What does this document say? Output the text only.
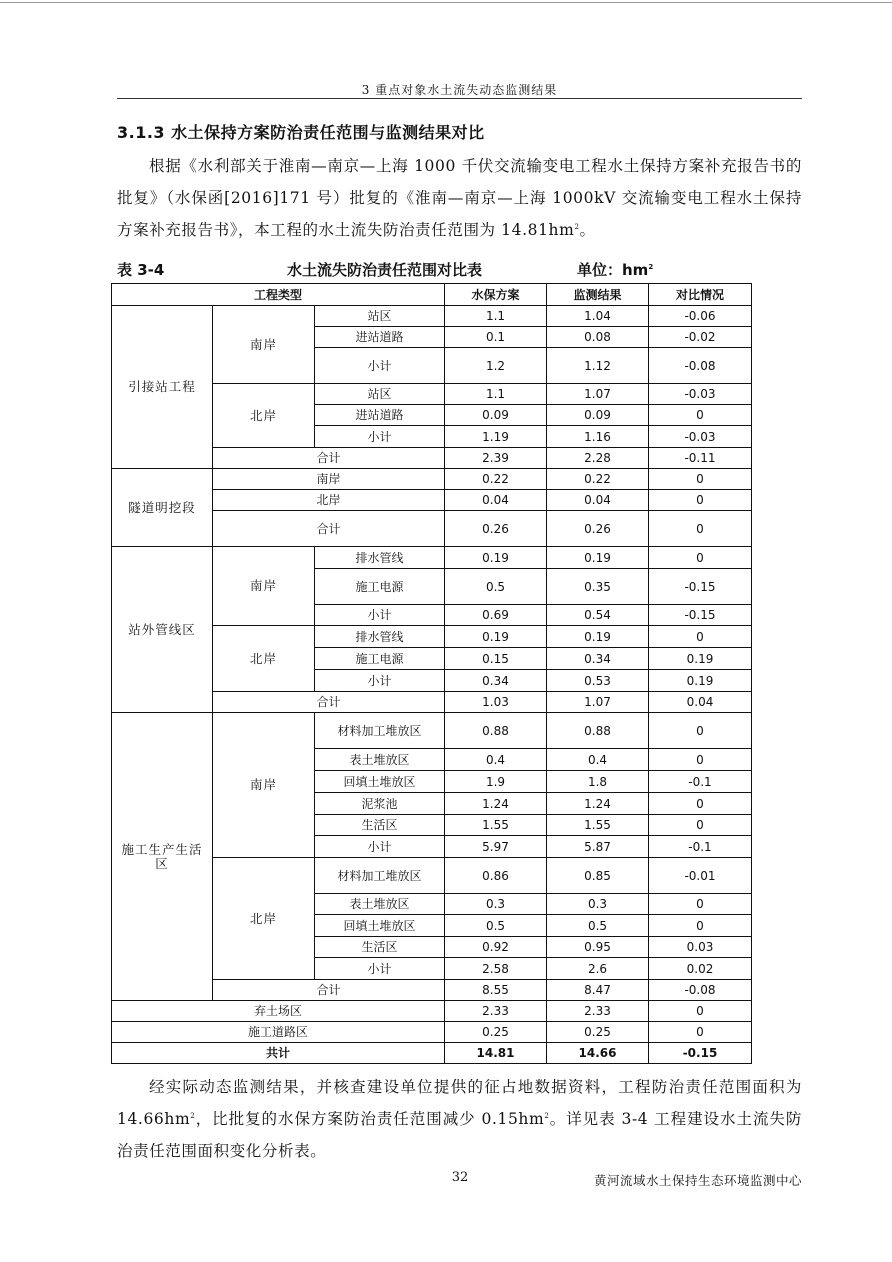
3 重点对象水土流失动态监测结果
3.1.3 水土保持方案防治责任范围与监测结果对比
根据《水利部关于淮南—南京—上海 1000 千伏交流输变电工程水土保持方案补充报告书的批复》（水保函[2016]171 号）批复的《淮南—南京—上海 1000kV 交流输变电工程水土保持方案补充报告书》，本工程的水土流失防治责任范围为 $14.81hm^2$。
表 3-4	水土流失防治责任范围对比表	单位：$hm^2$
工程类型			水保方案	监测结果	对比情况
引接站工程	南岸	站区	1.1	1.04	-0.06
		进站道路	0.1	0.08	-0.02
		小计	1.2	1.12	-0.08
	北岸	站区	1.1	1.07	-0.03
		进站道路	0.09	0.09	0
		小计	1.19	1.16	-0.03
	合计		2.39	2.28	-0.11
隧道明挖段	南岸		0.22	0.22	0
	北岸		0.04	0.04	0
	合计		0.26	0.26	0
站外管线区	南岸	排水管线	0.19	0.19	0
		施工电源	0.5	0.35	-0.15
		小计	0.69	0.54	-0.15
	北岸	排水管线	0.19	0.19	0
		施工电源	0.15	0.34	0.19
		小计	0.34	0.53	0.19
	合计		1.03	1.07	0.04
施工生产生活区	南岸	材料加工堆放区	0.88	0.88	0
		表土堆放区	0.4	0.4	0
		回填土堆放区	1.9	1.8	-0.1
		泥浆池	1.24	1.24	0
		生活区	1.55	1.55	0
		小计	5.97	5.87	-0.1
	北岸	材料加工堆放区	0.86	0.85	-0.01
		表土堆放区	0.3	0.3	0
		回填土堆放区	0.5	0.5	0
		生活区	0.92	0.95	0.03
		小计	2.58	2.6	0.02
	合计		8.55	8.47	-0.08
弃土场区			2.33	2.33	0
施工道路区			0.25	0.25	0
共计			14.81	14.66	-0.15
经实际动态监测结果，并核查建设单位提供的征占地数据资料，工程防治责任范围面积为 $14.66hm^2$，比批复的水保方案防治责任范围减少 $0.15hm^2$。详见表 3-4 工程建设水土流失防治责任范围面积变化分析表。
32	黄河流域水土保持生态环境监测中心
